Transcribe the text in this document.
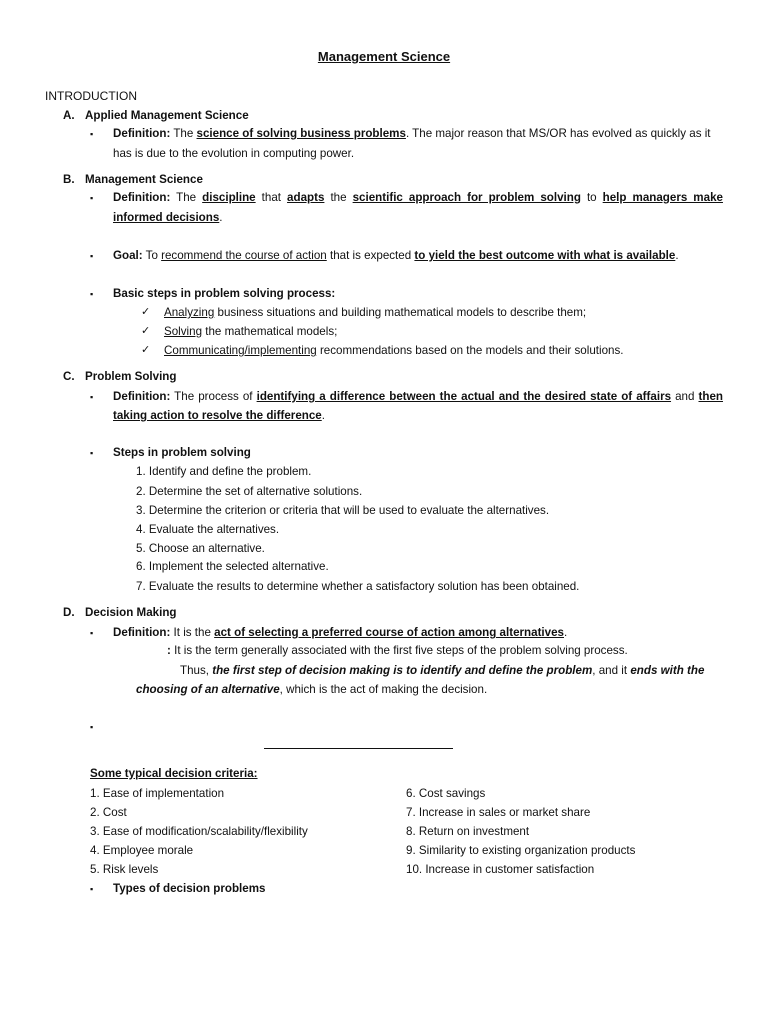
Management Science
INTRODUCTION
A. Applied Management Science
▪ Definition: The science of solving business problems. The major reason that MS/OR has evolved as quickly as it
has is due to the evolution in computing power.
B. Management Science
▪ Definition: The discipline that adapts the scientific approach for problem solving to help managers make
informed decisions.
▪ Goal: To recommend the course of action that is expected to yield the best outcome with what is available.
▪ Basic steps in problem solving process:
✓ Analyzing business situations and building mathematical models to describe them;
✓ Solving the mathematical models;
✓ Communicating/implementing recommendations based on the models and their solutions.
C. Problem Solving
▪ Definition: The process of identifying a difference between the actual and the desired state of affairs and then
taking action to resolve the difference.
▪ Steps in problem solving
1. Identify and define the problem.
2. Determine the set of alternative solutions.
3. Determine the criterion or criteria that will be used to evaluate the alternatives.
4. Evaluate the alternatives.
5. Choose an alternative.
6. Implement the selected alternative.
7. Evaluate the results to determine whether a satisfactory solution has been obtained.
D. Decision Making
▪ Definition: It is the act of selecting a preferred course of action among alternatives.
: It is the term generally associated with the first five steps of the problem solving process.
Thus, the first step of decision making is to identify and define the problem, and it ends with the
choosing of an alternative, which is the act of making the decision.
▪
Some typical decision criteria:
1. Ease of implementation
2. Cost
3. Ease of modification/scalability/flexibility
4. Employee morale
5. Risk levels
6. Cost savings
7. Increase in sales or market share
8. Return on investment
9. Similarity to existing organization products
10. Increase in customer satisfaction
▪ Types of decision problems
